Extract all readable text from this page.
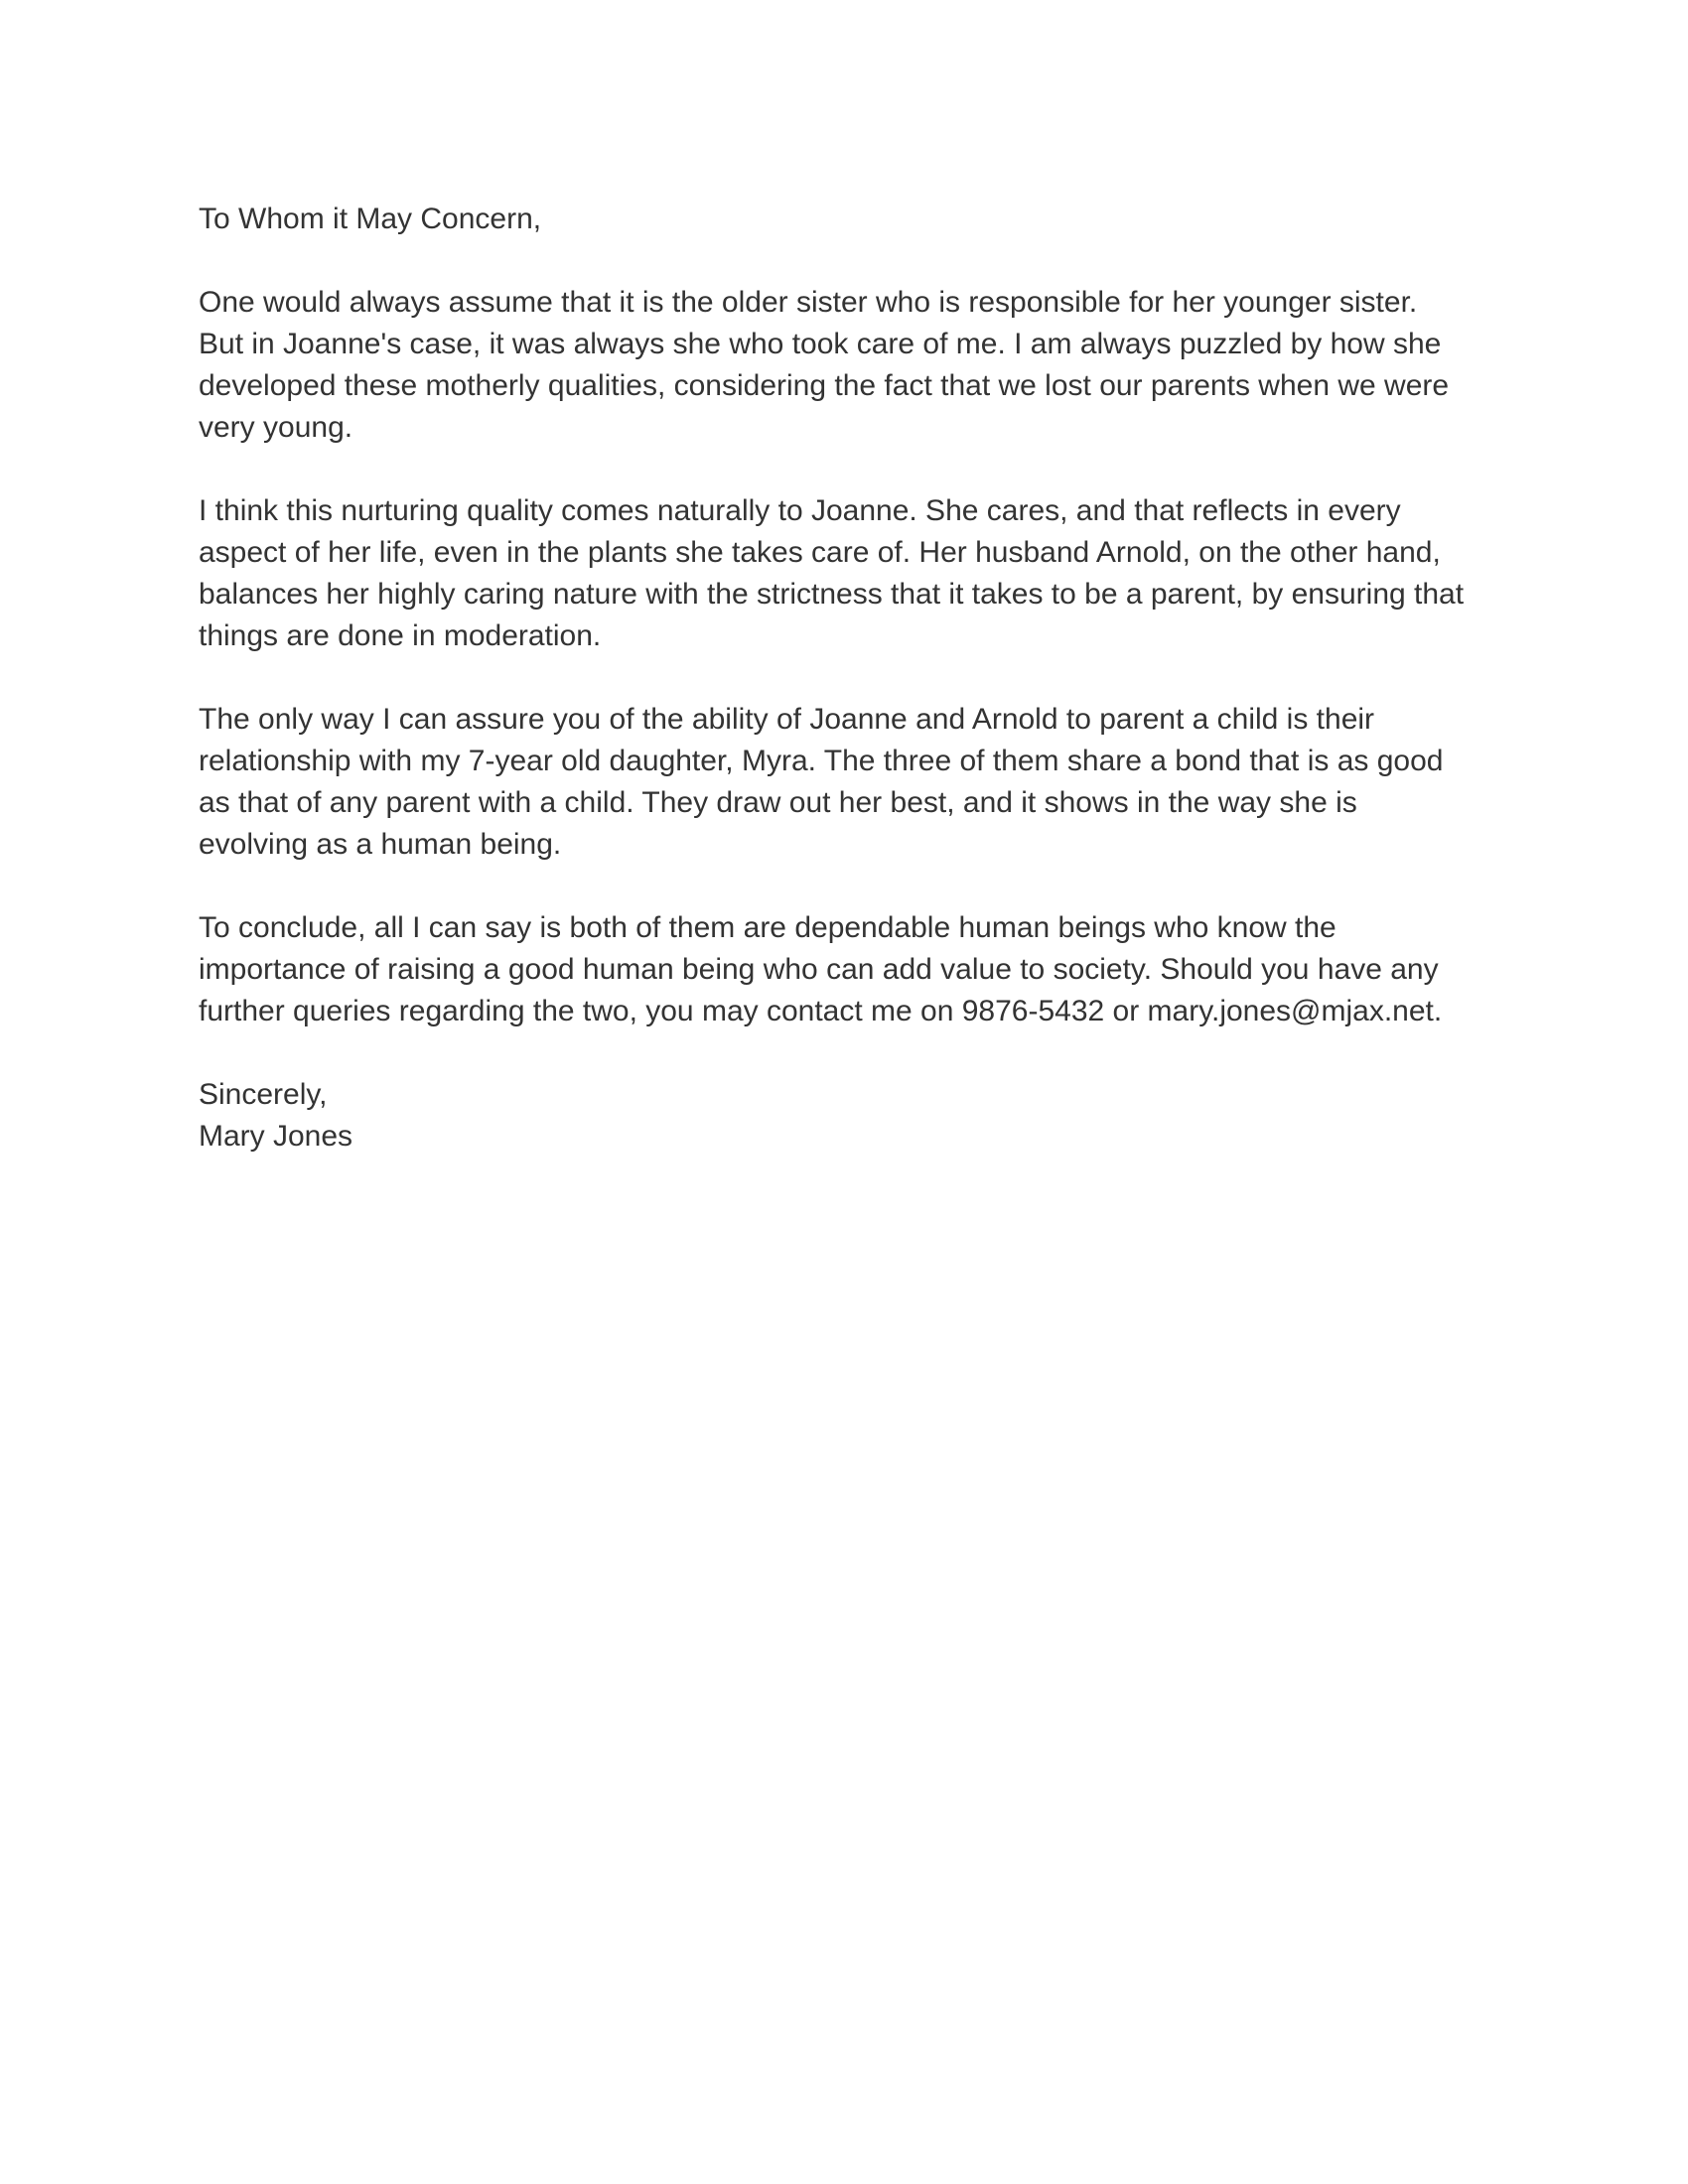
To Whom it May Concern,

One would always assume that it is the older sister who is responsible for her younger sister.
But in Joanne's case, it was always she who took care of me. I am always puzzled by how she
developed these motherly qualities, considering the fact that we lost our parents when we were
very young.

I think this nurturing quality comes naturally to Joanne. She cares, and that reflects in every
aspect of her life, even in the plants she takes care of. Her husband Arnold, on the other hand,
balances her highly caring nature with the strictness that it takes to be a parent, by ensuring that
things are done in moderation.

The only way I can assure you of the ability of Joanne and Arnold to parent a child is their
relationship with my 7-year old daughter, Myra. The three of them share a bond that is as good
as that of any parent with a child. They draw out her best, and it shows in the way she is
evolving as a human being.

To conclude, all I can say is both of them are dependable human beings who know the
importance of raising a good human being who can add value to society. Should you have any
further queries regarding the two, you may contact me on 9876-5432 or mary.jones@mjax.net.

Sincerely,
Mary Jones
